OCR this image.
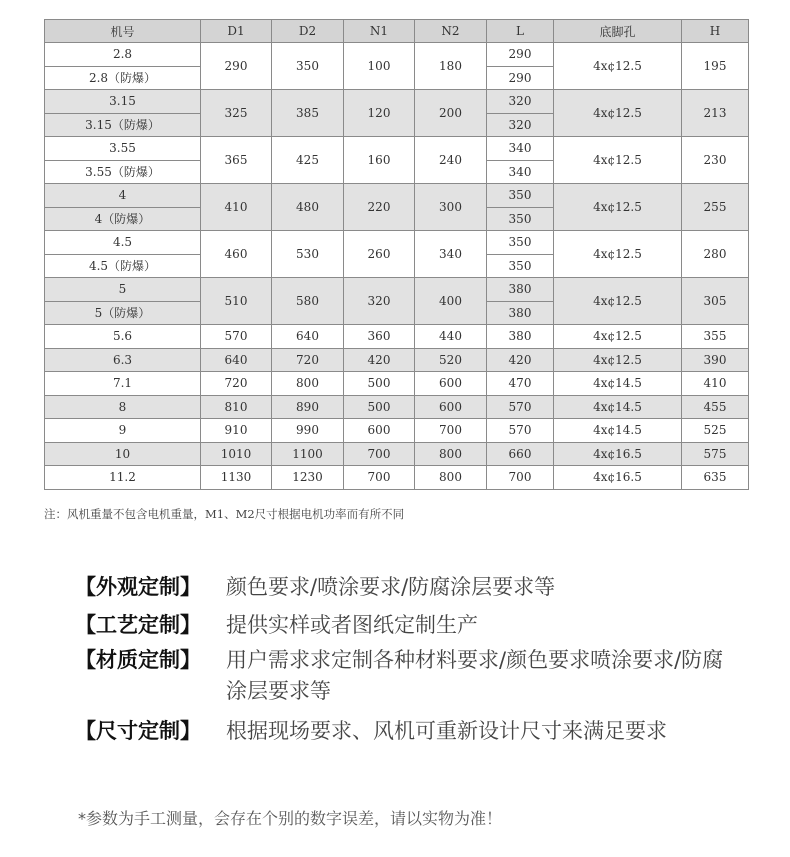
机号	D1	D2	N1	N2	L	底脚孔	H
2.8	290	350	100	180	290	4x¢12.5	195
2.8（防爆）					290		
3.15	325	385	120	200	320	4x¢12.5	213
3.15（防爆）					320		
3.55	365	425	160	240	340	4x¢12.5	230
3.55（防爆）					340		
4	410	480	220	300	350	4x¢12.5	255
4（防爆）					350		
4.5	460	530	260	340	350	4x¢12.5	280
4.5（防爆）					350		
5	510	580	320	400	380	4x¢12.5	305
5（防爆）					380		
5.6	570	640	360	440	380	4x¢12.5	355
6.3	640	720	420	520	420	4x¢12.5	390
7.1	720	800	500	600	470	4x¢14.5	410
8	810	890	500	600	570	4x¢14.5	455
9	910	990	600	700	570	4x¢14.5	525
10	1010	1100	700	800	660	4x¢16.5	575
11.2	1130	1230	700	800	700	4x¢16.5	635
注：风机重量不包含电机重量，M1、M2尺寸根据电机功率而有所不同
【外观定制】 颜色要求/喷涂要求/防腐涂层要求等
【工艺定制】 提供实样或者图纸定制生产
【材质定制】 用户需求求定制各种材料要求/颜色要求喷涂要求/防腐涂层要求等
【尺寸定制】 根据现场要求、风机可重新设计尺寸来满足要求
*参数为手工测量，会存在个别的数字误差，请以实物为准！
